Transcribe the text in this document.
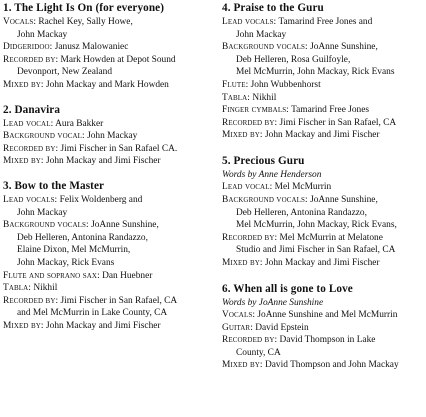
1. The Light Is On (for everyone)
Vocals: Rachel Key, Sally Howe,
John Mackay
Didgeridoo: Janusz Malowaniec
Recorded by: Mark Howden at Depot Sound
Devonport, New Zealand
Mixed by: John Mackay and Mark Howden
2. Danavira
Lead vocal: Aura Bakker
Background vocal: John Mackay
Recorded by: Jimi Fischer in San Rafael CA.
Mixed by: John Mackay and Jimi Fischer
3. Bow to the Master
Lead vocals: Felix Woldenberg and
John Mackay
Background vocals: JoAnne Sunshine,
Deb Helleren, Antonina Randazzo,
Elaine Dixon, Mel McMurrin,
John Mackay, Rick Evans
Flute and soprano sax: Dan Huebner
Tabla: Nikhil
Recorded by: Jimi Fischer in San Rafael, CA
and Mel McMurrin in Lake County, CA
Mixed by: John Mackay and Jimi Fischer
4. Praise to the Guru
Lead vocals: Tamarind Free Jones and
John Mackay
Background vocals: JoAnne Sunshine,
Deb Helleren, Rosa Guilfoyle,
Mel McMurrin, John Mackay, Rick Evans
Flute: John Wubbenhorst
Tabla: Nikhil
Finger cymbals: Tamarind Free Jones
Recorded by: Jimi Fischer in San Rafael, CA
Mixed by: John Mackay and Jimi Fischer
5. Precious Guru

Words by Anne Henderson

Lead vocal: Mel McMurrin
Background vocals: JoAnne Sunshine,
Deb Helleren, Antonina Randazzo,
Mel McMurrin, John Mackay, Rick Evans,
Recorded by: Mel McMurrin at Melatone
Studio and Jimi Fischer in San Rafael, CA
Mixed by: John Mackay and Jimi Fischer
6. When all is gone to Love

Words by JoAnne Sunshine

Vocals: JoAnne Sunshine and Mel McMurrin
Guitar: David Epstein
Recorded by: David Thompson in Lake
County, CA
Mixed by: David Thompson and John Mackay
